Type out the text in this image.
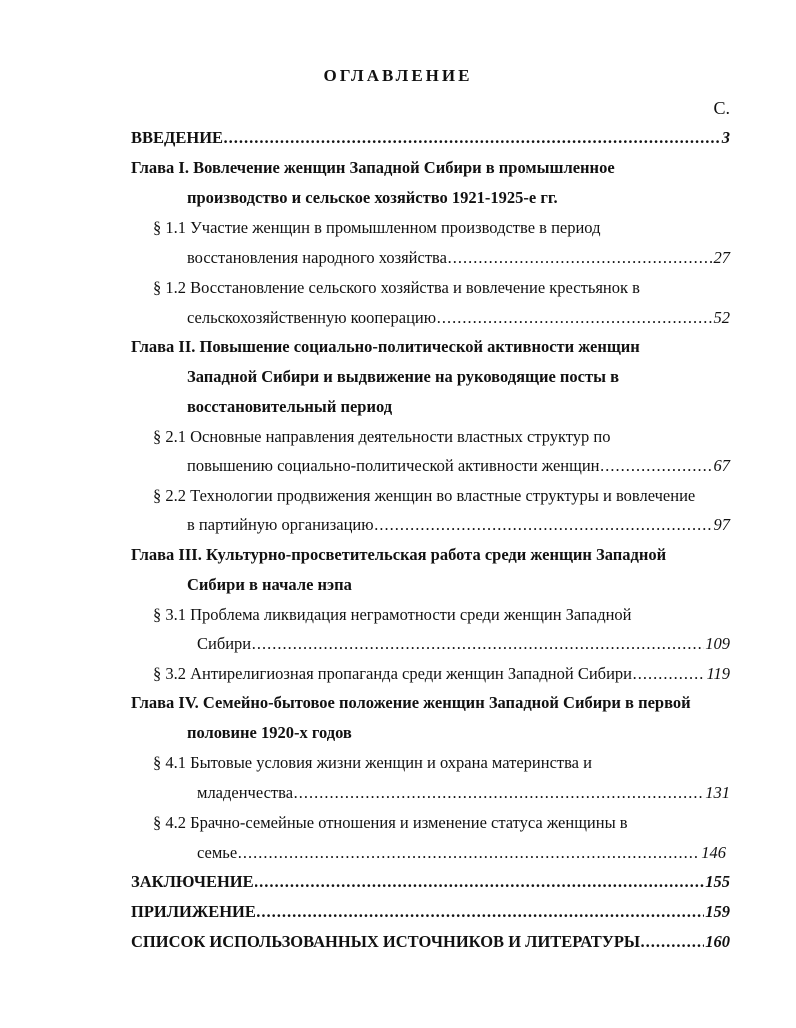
ОГЛАВЛЕНИЕ
С.
ВВЕДЕНИЕ .....	3
Глава I. Вовлечение женщин Западной Сибири в промышленное
производство и сельское хозяйство 1921-1925-е гг.
§ 1.1 Участие женщин в промышленном производстве в период
восстановления народного хозяйства .....	27
§ 1.2 Восстановление сельского хозяйства и вовлечение крестьянок в
сельскохозяйственную кооперацию .....	52
Глава II. Повышение социально-политической активности женщин
Западной Сибири и выдвижение на руководящие посты в
восстановительный период
§ 2.1 Основные направления деятельности властных структур по
повышению социально-политической активности женщин .....	67
§ 2.2 Технологии продвижения женщин во властные структуры и вовлечение
в партийную организацию .....	97
Глава III. Культурно-просветительская работа среди женщин Западной
Сибири в начале нэпа
§ 3.1 Проблема ликвидация неграмотности среди женщин Западной
Сибири .....	109
§ 3.2 Антирелигиозная пропаганда среди женщин Западной Сибири .....	119
Глава IV. Семейно-бытовое положение женщин Западной Сибири в первой
половине 1920-х годов
§ 4.1 Бытовые условия жизни женщин и охрана материнства и
младенчества .....	131
§ 4.2 Брачно-семейные отношения и изменение статуса женщины в
семье .....	146
ЗАКЛЮЧЕНИЕ .....	155
ПРИЛИЖЕНИЕ .....	159
СПИСОК ИСПОЛЬЗОВАННЫХ ИСТОЧНИКОВ И ЛИТЕРАТУРЫ .....	160
